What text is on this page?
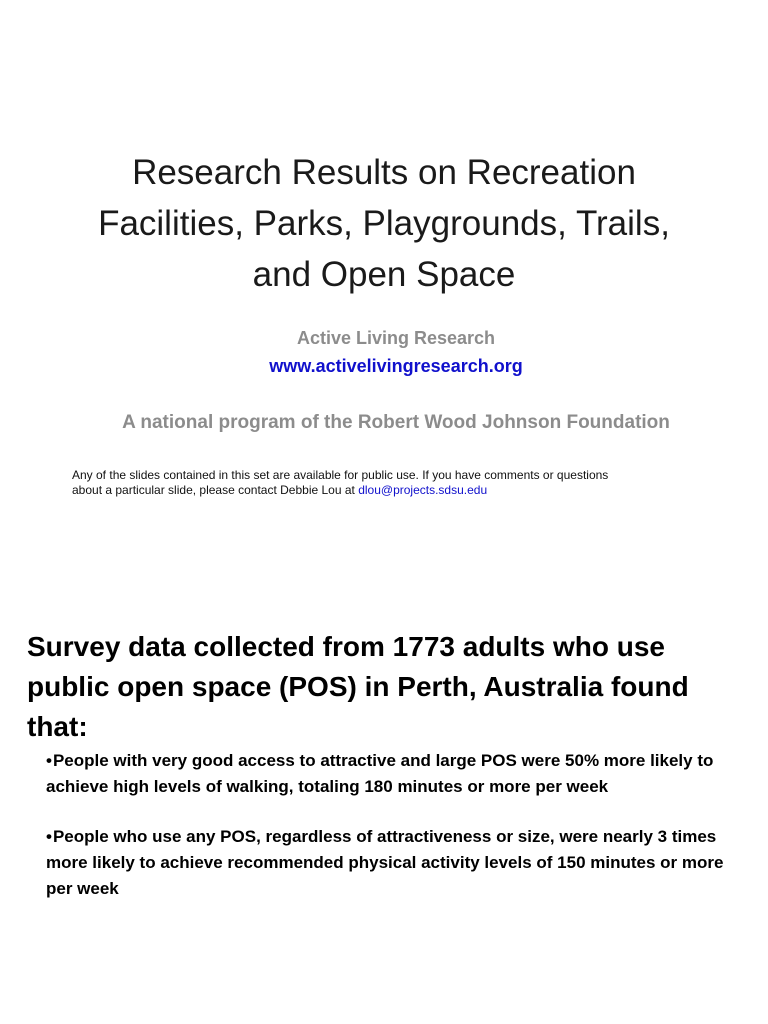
Research Results on Recreation
Facilities, Parks, Playgrounds, Trails,
and Open Space
Active Living Research
www.activelivingresearch.org
A national program of the Robert Wood Johnson Foundation
Any of the slides contained in this set are available for public use. If you have comments or questions
about a particular slide, please contact Debbie Lou at dlou@projects.sdsu.edu
Survey data collected from 1773 adults who use public open space (POS) in Perth, Australia found that:
•People with very good access to attractive and large POS were 50% more likely to achieve high levels of walking, totaling 180 minutes or more per week
•People who use any POS, regardless of attractiveness or size, were nearly 3 times more likely to achieve recommended physical activity levels of 150 minutes or more per week
